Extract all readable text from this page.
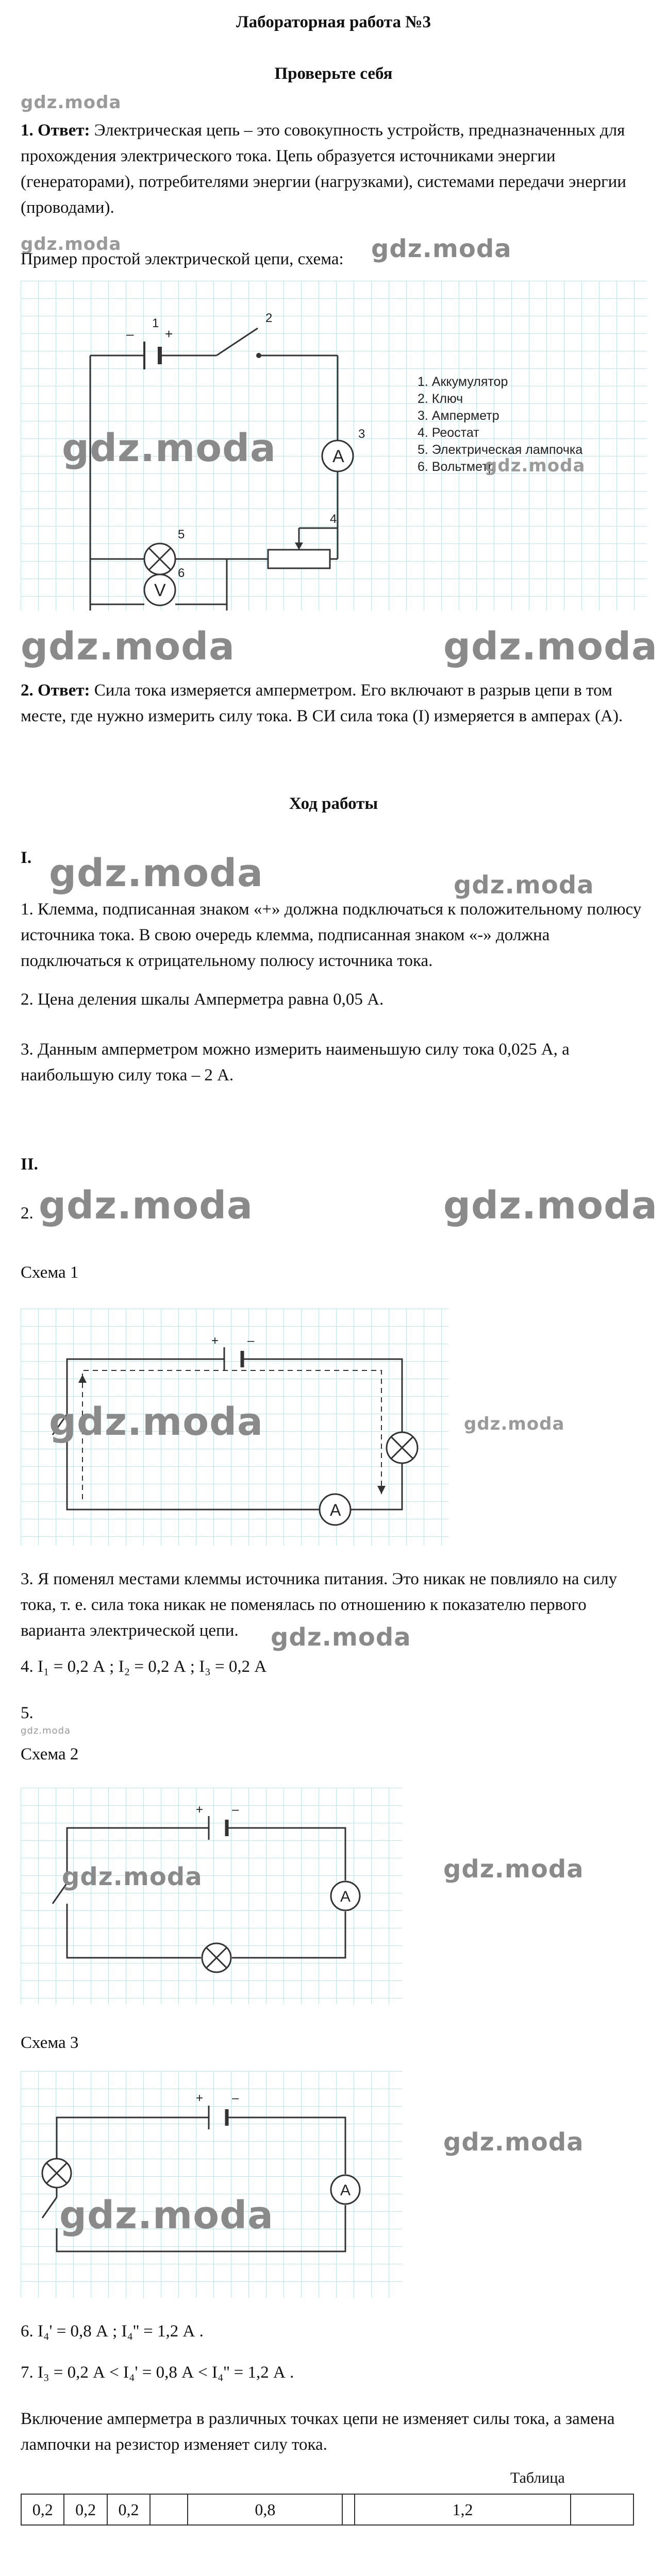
Лабораторная работа №3
Проверьте себя
gdz.moda
1. Ответ: Электрическая цепь – это совокупность устройств, предназначенных для прохождения электрического тока. Цепь образуется источниками энергии (генераторами), потребителями энергии (нагрузками), системами передачи энергии (проводами).
gdz.moda
Пример простой электрической цепи, схема:	gdz.moda
A
V
– +
1	2
3
4
5
6
1. Аккумулятор
2. Ключ
3. Амперметр
4. Реостат
5. Электрическая лампочка
6. Вольтметр
gdz.moda	gdz.moda
gdz.moda	gdz.moda
2. Ответ: Сила тока измеряется амперметром. Его включают в разрыв цепи в том месте, где нужно измерить силу тока. В СИ сила тока (I) измеряется в амперах (А).
Ход работы
I. gdz.moda	gdz.moda
1. Клемма, подписанная знаком «+» должна подключаться к положительному полюсу источника тока. В свою очередь клемма, подписанная знаком «-» должна подключаться к отрицательному полюсу источника тока.
2. Цена деления шкалы Амперметра равна 0,05 А.
3. Данным амперметром можно измерить наименьшую силу тока 0,025 А, а наибольшую силу тока – 2 А.
II.
2. gdz.moda	gdz.moda
Схема 1
+ –
A
gdz.moda	gdz.moda
3. Я поменял местами клеммы источника питания. Это никак не повлияло на силу тока, т. е. сила тока никак не поменялась по отношению к показателю первого варианта электрической цепи.
4. I₁ = 0,2 А ; I₂ = 0,2 А ; I₃ = 0,2 А
gdz.moda
5.
gdz.moda
Схема 2
+ –
A
gdz.moda	gdz.moda
Схема 3
+ –
A
gdz.moda
gdz.moda
6. I₄' = 0,8 А ; I₄'' = 1,2 А .
7. I₃ = 0,2 А < I₄' = 0,8 А < I₄'' = 1,2 А .
Включение амперметра в различных точках цепи не изменяет силы тока, а замена лампочки на резистор изменяет силу тока.
Таблица
0,2	0,2	0,2		0,8		1,2	
